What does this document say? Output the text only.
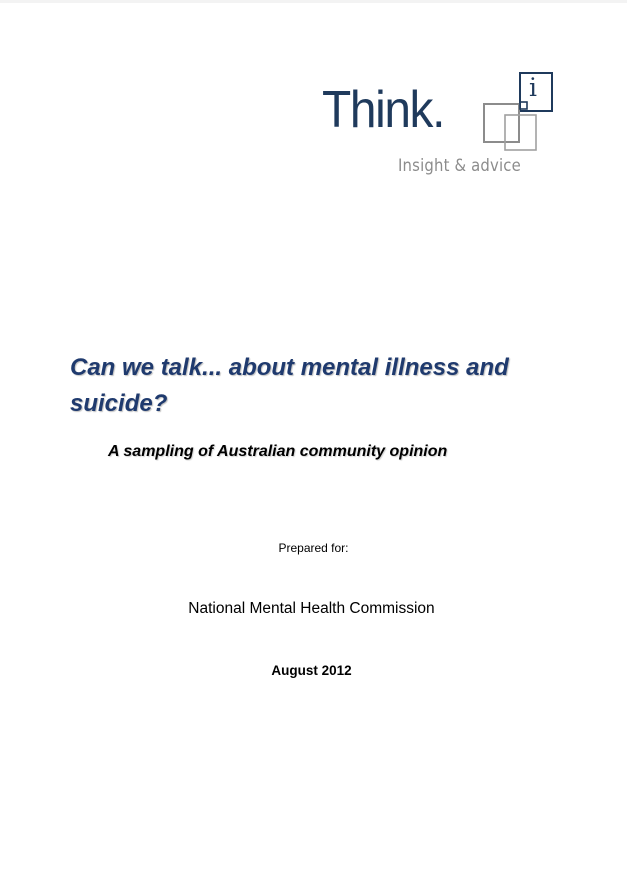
Think.	i
Insight & advice
Can we talk... about mental illness and suicide?
A sampling of Australian community opinion
Prepared for:
National Mental Health Commission
August 2012
